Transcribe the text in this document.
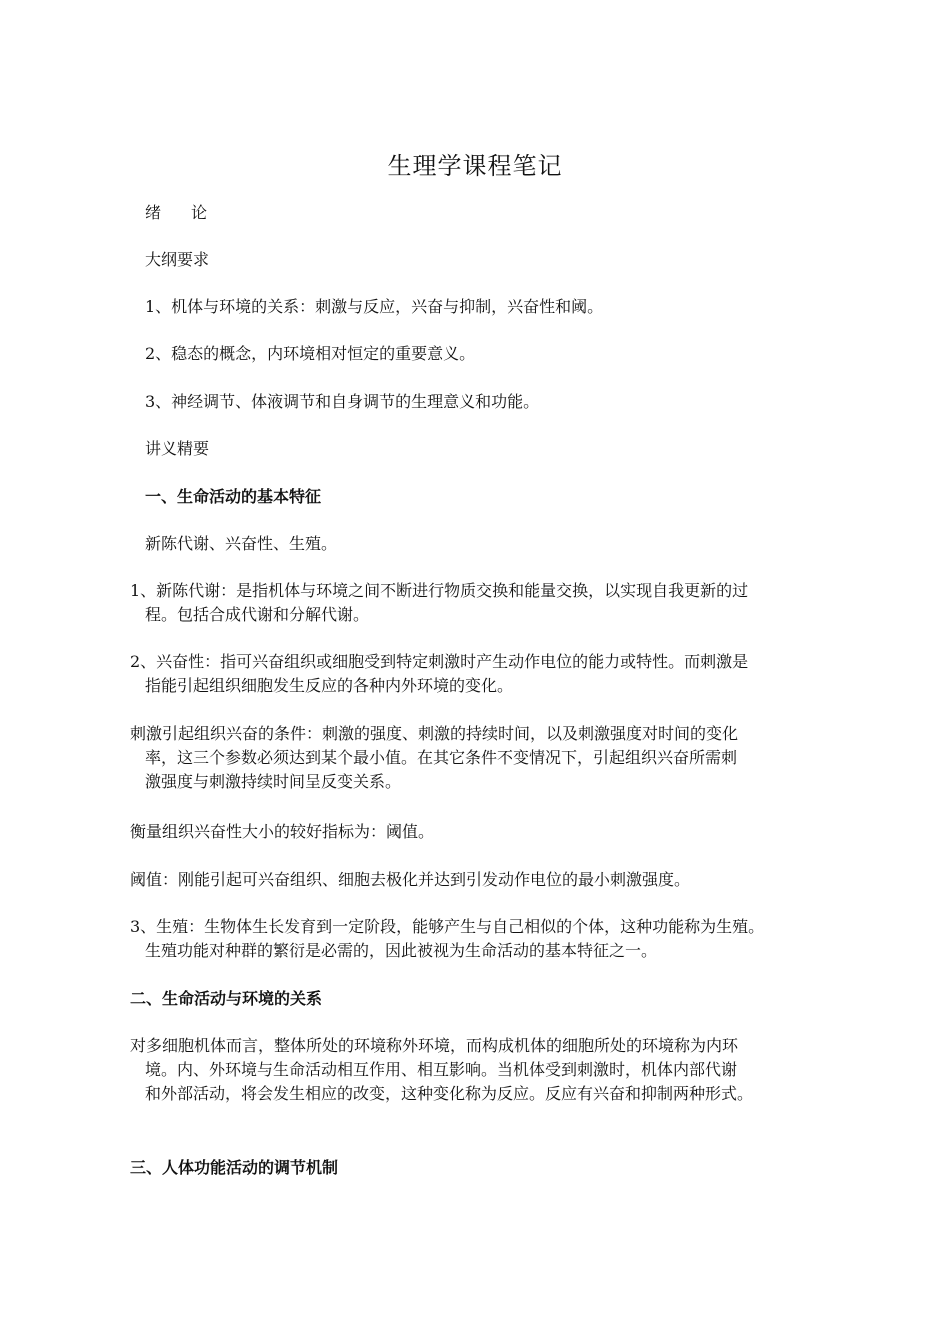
生理学课程笔记
绪 论
大纲要求
1、机体与环境的关系：刺激与反应，兴奋与抑制，兴奋性和阈。
2、稳态的概念，内环境相对恒定的重要意义。
3、神经调节、体液调节和自身调节的生理意义和功能。
讲义精要
一、生命活动的基本特征
新陈代谢、兴奋性、生殖。
1、新陈代谢：是指机体与环境之间不断进行物质交换和能量交换，以实现自我更新的过
程。包括合成代谢和分解代谢。
2、兴奋性：指可兴奋组织或细胞受到特定刺激时产生动作电位的能力或特性。而刺激是
指能引起组织细胞发生反应的各种内外环境的变化。
刺激引起组织兴奋的条件：刺激的强度、刺激的持续时间，以及刺激强度对时间的变化
率，这三个参数必须达到某个最小值。在其它条件不变情况下，引起组织兴奋所需刺
激强度与刺激持续时间呈反变关系。
衡量组织兴奋性大小的较好指标为：阈值。
阈值：刚能引起可兴奋组织、细胞去极化并达到引发动作电位的最小刺激强度。
3、生殖：生物体生长发育到一定阶段，能够产生与自己相似的个体，这种功能称为生殖。
生殖功能对种群的繁衍是必需的，因此被视为生命活动的基本特征之一。
二、生命活动与环境的关系
对多细胞机体而言，整体所处的环境称外环境，而构成机体的细胞所处的环境称为内环
境。内、外环境与生命活动相互作用、相互影响。当机体受到刺激时，机体内部代谢
和外部活动，将会发生相应的改变，这种变化称为反应。反应有兴奋和抑制两种形式。
三、人体功能活动的调节机制
